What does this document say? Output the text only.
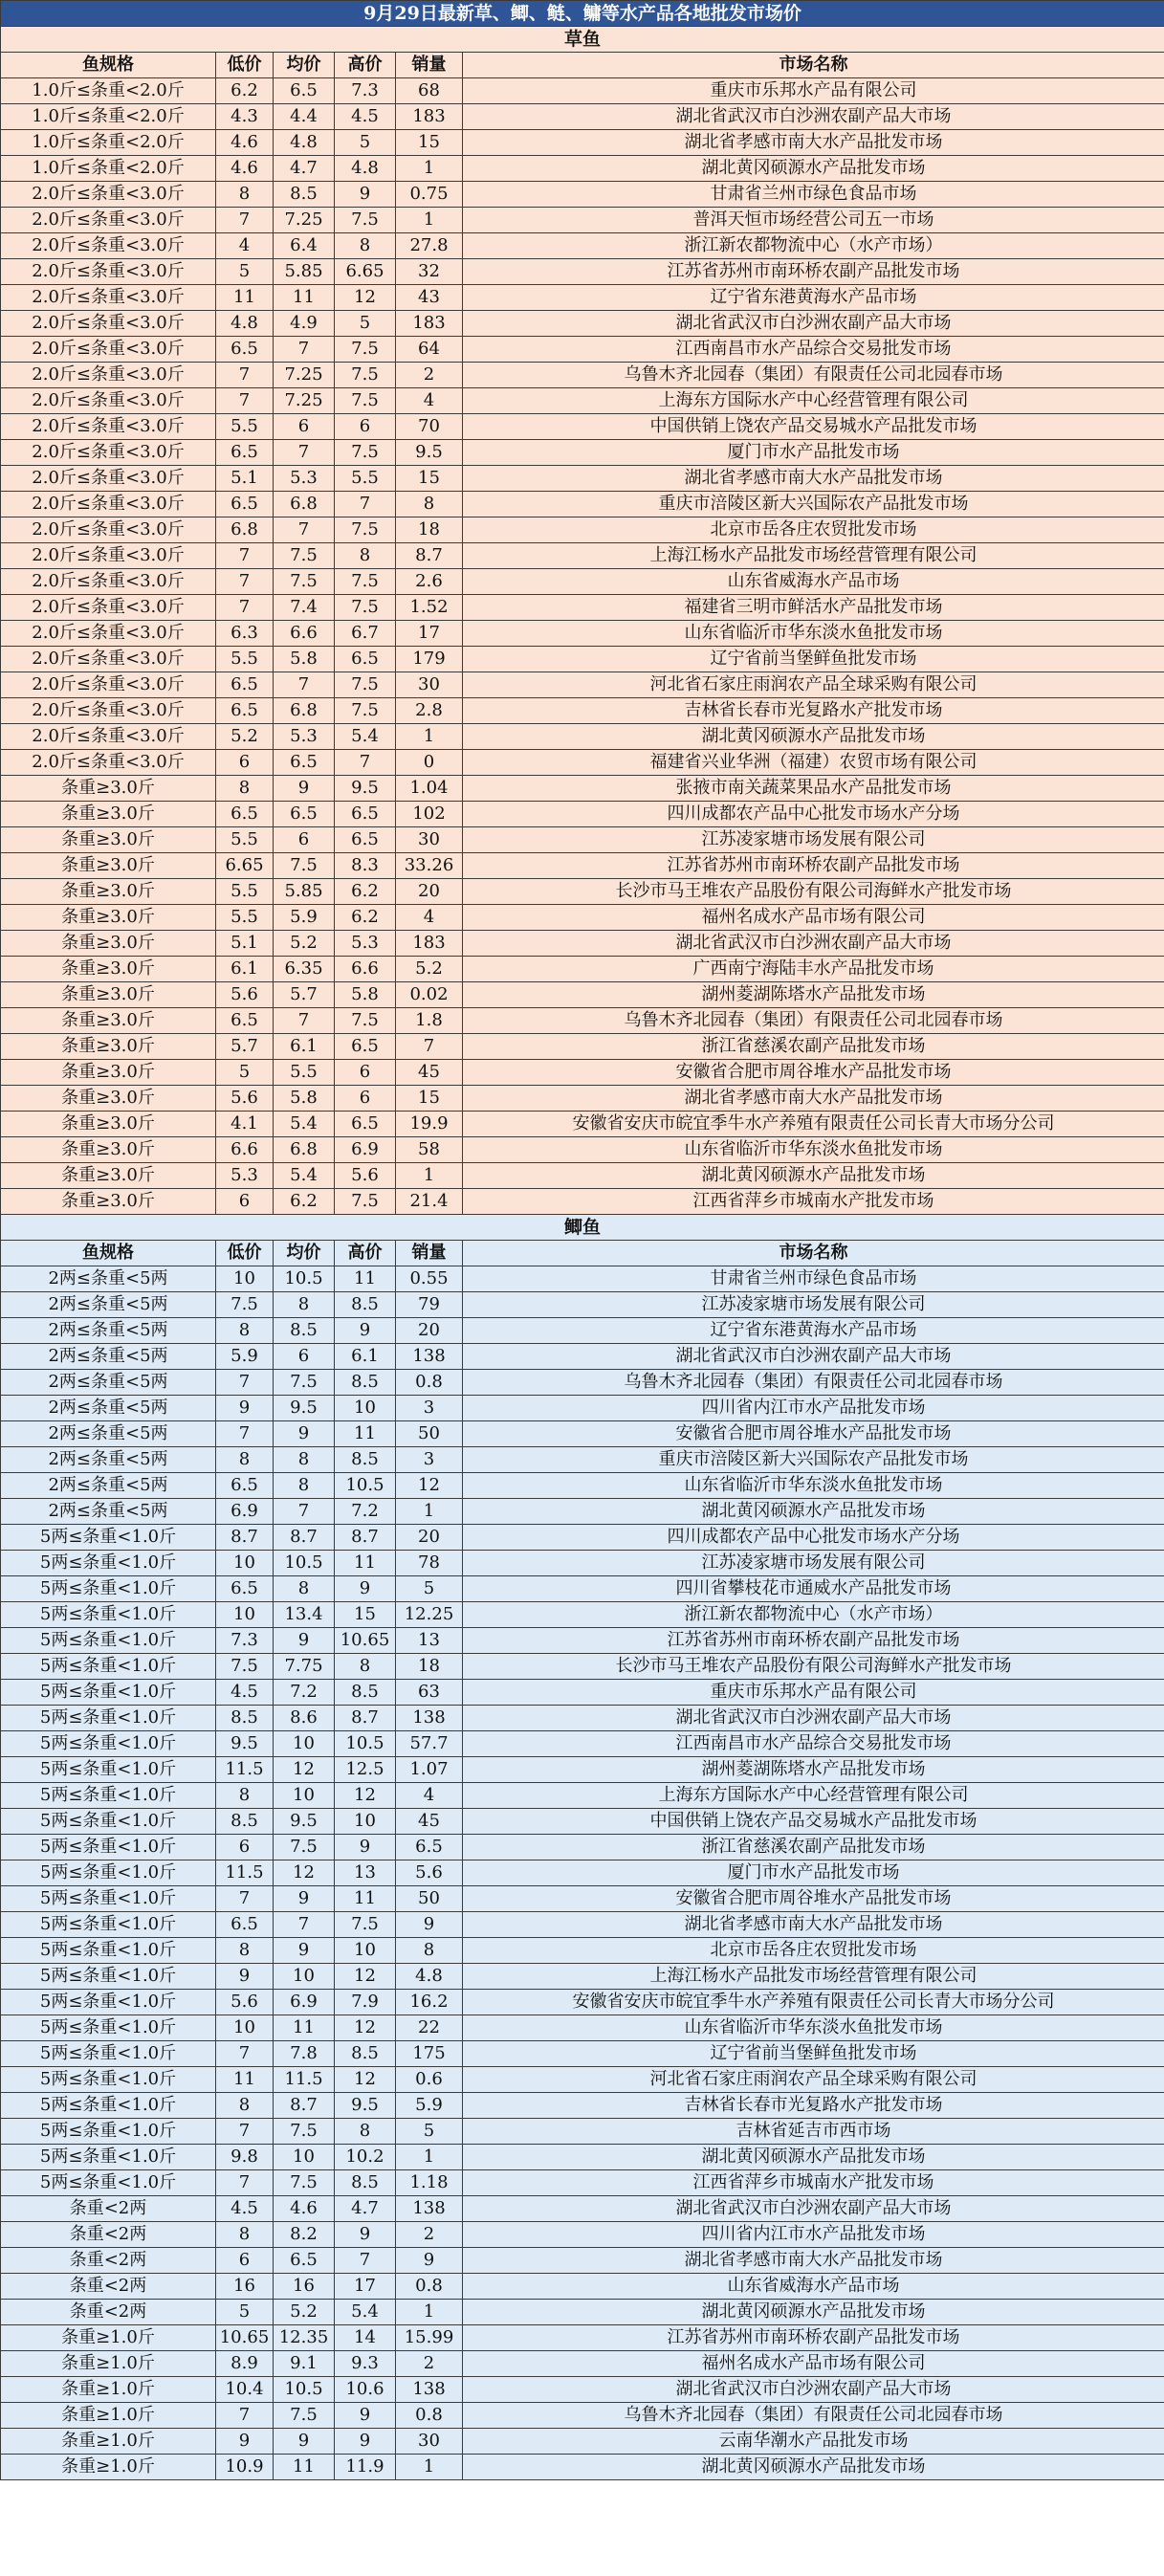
9月29日最新草、鲫、鲢、鳙等水产品各地批发市场价					
草鱼					
鱼规格	低价	均价	高价	销量	市场名称
1.0斤≤条重<2.0斤	6.2	6.5	7.3	68	重庆市乐邦水产品有限公司
1.0斤≤条重<2.0斤	4.3	4.4	4.5	183	湖北省武汉市白沙洲农副产品大市场
1.0斤≤条重<2.0斤	4.6	4.8	5	15	湖北省孝感市南大水产品批发市场
1.0斤≤条重<2.0斤	4.6	4.7	4.8	1	湖北黄冈硕源水产品批发市场
2.0斤≤条重<3.0斤	8	8.5	9	0.75	甘肃省兰州市绿色食品市场
2.0斤≤条重<3.0斤	7	7.25	7.5	1	普洱天恒市场经营公司五一市场
2.0斤≤条重<3.0斤	4	6.4	8	27.8	浙江新农都物流中心（水产市场）
2.0斤≤条重<3.0斤	5	5.85	6.65	32	江苏省苏州市南环桥农副产品批发市场
2.0斤≤条重<3.0斤	11	11	12	43	辽宁省东港黄海水产品市场
2.0斤≤条重<3.0斤	4.8	4.9	5	183	湖北省武汉市白沙洲农副产品大市场
2.0斤≤条重<3.0斤	6.5	7	7.5	64	江西南昌市水产品综合交易批发市场
2.0斤≤条重<3.0斤	7	7.25	7.5	2	乌鲁木齐北园春（集团）有限责任公司北园春市场
2.0斤≤条重<3.0斤	7	7.25	7.5	4	上海东方国际水产中心经营管理有限公司
2.0斤≤条重<3.0斤	5.5	6	6	70	中国供销上饶农产品交易城水产品批发市场
2.0斤≤条重<3.0斤	6.5	7	7.5	9.5	厦门市水产品批发市场
2.0斤≤条重<3.0斤	5.1	5.3	5.5	15	湖北省孝感市南大水产品批发市场
2.0斤≤条重<3.0斤	6.5	6.8	7	8	重庆市涪陵区新大兴国际农产品批发市场
2.0斤≤条重<3.0斤	6.8	7	7.5	18	北京市岳各庄农贸批发市场
2.0斤≤条重<3.0斤	7	7.5	8	8.7	上海江杨水产品批发市场经营管理有限公司
2.0斤≤条重<3.0斤	7	7.5	7.5	2.6	山东省威海水产品市场
2.0斤≤条重<3.0斤	7	7.4	7.5	1.52	福建省三明市鲜活水产品批发市场
2.0斤≤条重<3.0斤	6.3	6.6	6.7	17	山东省临沂市华东淡水鱼批发市场
2.0斤≤条重<3.0斤	5.5	5.8	6.5	179	辽宁省前当堡鲜鱼批发市场
2.0斤≤条重<3.0斤	6.5	7	7.5	30	河北省石家庄雨润农产品全球采购有限公司
2.0斤≤条重<3.0斤	6.5	6.8	7.5	2.8	吉林省长春市光复路水产批发市场
2.0斤≤条重<3.0斤	5.2	5.3	5.4	1	湖北黄冈硕源水产品批发市场
2.0斤≤条重<3.0斤	6	6.5	7	0	福建省兴业华洲（福建）农贸市场有限公司
条重≥3.0斤	8	9	9.5	1.04	张掖市南关蔬菜果品水产品批发市场
条重≥3.0斤	6.5	6.5	6.5	102	四川成都农产品中心批发市场水产分场
条重≥3.0斤	5.5	6	6.5	30	江苏凌家塘市场发展有限公司
条重≥3.0斤	6.65	7.5	8.3	33.26	江苏省苏州市南环桥农副产品批发市场
条重≥3.0斤	5.5	5.85	6.2	20	长沙市马王堆农产品股份有限公司海鲜水产批发市场
条重≥3.0斤	5.5	5.9	6.2	4	福州名成水产品市场有限公司
条重≥3.0斤	5.1	5.2	5.3	183	湖北省武汉市白沙洲农副产品大市场
条重≥3.0斤	6.1	6.35	6.6	5.2	广西南宁海陆丰水产品批发市场
条重≥3.0斤	5.6	5.7	5.8	0.02	湖州菱湖陈塔水产品批发市场
条重≥3.0斤	6.5	7	7.5	1.8	乌鲁木齐北园春（集团）有限责任公司北园春市场
条重≥3.0斤	5.7	6.1	6.5	7	浙江省慈溪农副产品批发市场
条重≥3.0斤	5	5.5	6	45	安徽省合肥市周谷堆水产品批发市场
条重≥3.0斤	5.6	5.8	6	15	湖北省孝感市南大水产品批发市场
条重≥3.0斤	4.1	5.4	6.5	19.9	安徽省安庆市皖宜季牛水产养殖有限责任公司长青大市场分公司
条重≥3.0斤	6.6	6.8	6.9	58	山东省临沂市华东淡水鱼批发市场
条重≥3.0斤	5.3	5.4	5.6	1	湖北黄冈硕源水产品批发市场
条重≥3.0斤	6	6.2	7.5	21.4	江西省萍乡市城南水产批发市场
鲫鱼					
鱼规格	低价	均价	高价	销量	市场名称
2两≤条重<5两	10	10.5	11	0.55	甘肃省兰州市绿色食品市场
2两≤条重<5两	7.5	8	8.5	79	江苏凌家塘市场发展有限公司
2两≤条重<5两	8	8.5	9	20	辽宁省东港黄海水产品市场
2两≤条重<5两	5.9	6	6.1	138	湖北省武汉市白沙洲农副产品大市场
2两≤条重<5两	7	7.5	8.5	0.8	乌鲁木齐北园春（集团）有限责任公司北园春市场
2两≤条重<5两	9	9.5	10	3	四川省内江市水产品批发市场
2两≤条重<5两	7	9	11	50	安徽省合肥市周谷堆水产品批发市场
2两≤条重<5两	8	8	8.5	3	重庆市涪陵区新大兴国际农产品批发市场
2两≤条重<5两	6.5	8	10.5	12	山东省临沂市华东淡水鱼批发市场
2两≤条重<5两	6.9	7	7.2	1	湖北黄冈硕源水产品批发市场
5两≤条重<1.0斤	8.7	8.7	8.7	20	四川成都农产品中心批发市场水产分场
5两≤条重<1.0斤	10	10.5	11	78	江苏凌家塘市场发展有限公司
5两≤条重<1.0斤	6.5	8	9	5	四川省攀枝花市通威水产品批发市场
5两≤条重<1.0斤	10	13.4	15	12.25	浙江新农都物流中心（水产市场）
5两≤条重<1.0斤	7.3	9	10.65	13	江苏省苏州市南环桥农副产品批发市场
5两≤条重<1.0斤	7.5	7.75	8	18	长沙市马王堆农产品股份有限公司海鲜水产批发市场
5两≤条重<1.0斤	4.5	7.2	8.5	63	重庆市乐邦水产品有限公司
5两≤条重<1.0斤	8.5	8.6	8.7	138	湖北省武汉市白沙洲农副产品大市场
5两≤条重<1.0斤	9.5	10	10.5	57.7	江西南昌市水产品综合交易批发市场
5两≤条重<1.0斤	11.5	12	12.5	1.07	湖州菱湖陈塔水产品批发市场
5两≤条重<1.0斤	8	10	12	4	上海东方国际水产中心经营管理有限公司
5两≤条重<1.0斤	8.5	9.5	10	45	中国供销上饶农产品交易城水产品批发市场
5两≤条重<1.0斤	6	7.5	9	6.5	浙江省慈溪农副产品批发市场
5两≤条重<1.0斤	11.5	12	13	5.6	厦门市水产品批发市场
5两≤条重<1.0斤	7	9	11	50	安徽省合肥市周谷堆水产品批发市场
5两≤条重<1.0斤	6.5	7	7.5	9	湖北省孝感市南大水产品批发市场
5两≤条重<1.0斤	8	9	10	8	北京市岳各庄农贸批发市场
5两≤条重<1.0斤	9	10	12	4.8	上海江杨水产品批发市场经营管理有限公司
5两≤条重<1.0斤	5.6	6.9	7.9	16.2	安徽省安庆市皖宜季牛水产养殖有限责任公司长青大市场分公司
5两≤条重<1.0斤	10	11	12	22	山东省临沂市华东淡水鱼批发市场
5两≤条重<1.0斤	7	7.8	8.5	175	辽宁省前当堡鲜鱼批发市场
5两≤条重<1.0斤	11	11.5	12	0.6	河北省石家庄雨润农产品全球采购有限公司
5两≤条重<1.0斤	8	8.7	9.5	5.9	吉林省长春市光复路水产批发市场
5两≤条重<1.0斤	7	7.5	8	5	吉林省延吉市西市场
5两≤条重<1.0斤	9.8	10	10.2	1	湖北黄冈硕源水产品批发市场
5两≤条重<1.0斤	7	7.5	8.5	1.18	江西省萍乡市城南水产批发市场
条重<2两	4.5	4.6	4.7	138	湖北省武汉市白沙洲农副产品大市场
条重<2两	8	8.2	9	2	四川省内江市水产品批发市场
条重<2两	6	6.5	7	9	湖北省孝感市南大水产品批发市场
条重<2两	16	16	17	0.8	山东省威海水产品市场
条重<2两	5	5.2	5.4	1	湖北黄冈硕源水产品批发市场
条重≥1.0斤	10.65	12.35	14	15.99	江苏省苏州市南环桥农副产品批发市场
条重≥1.0斤	8.9	9.1	9.3	2	福州名成水产品市场有限公司
条重≥1.0斤	10.4	10.5	10.6	138	湖北省武汉市白沙洲农副产品大市场
条重≥1.0斤	7	7.5	9	0.8	乌鲁木齐北园春（集团）有限责任公司北园春市场
条重≥1.0斤	9	9	9	30	云南华潮水产品批发市场
条重≥1.0斤	10.9	11	11.9	1	湖北黄冈硕源水产品批发市场
